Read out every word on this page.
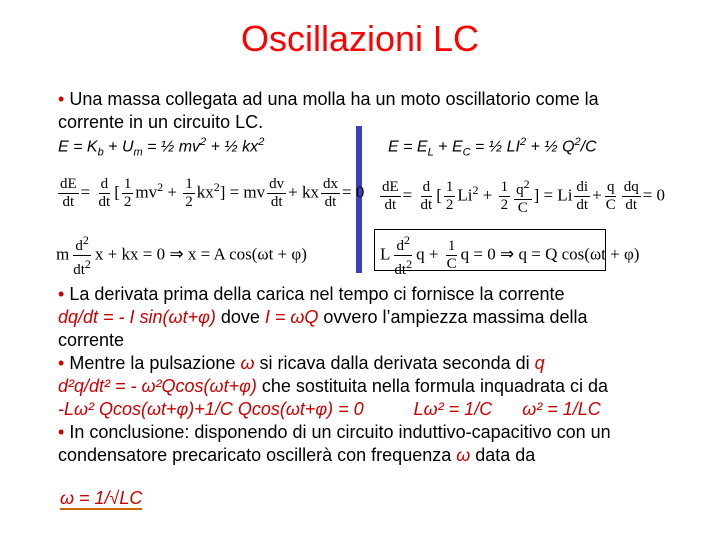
Oscillazioni LC
• Una massa collegata ad una molla ha un moto oscillatorio come la
corrente in un circuito LC.
$E = K_b + U_m$ = ½ $mv^2$ + ½ $kx^2$	$E = E_L + E_C$ = ½ $LI^2$ + ½ $Q^2/C$
$\frac{dE}{dt} = \frac{d}{dt}$ [ $\frac{1}{2} mv^2 + \frac{1}{2} kx^2$] = mv $\frac{dv}{dt}$ + kx $\frac{dx}{dt} = 0$
m $\frac{d^2}{dt^2}$ x + kx = 0 ⇒ x = A cos(ωt + φ)
$\frac{dE}{dt} = \frac{d}{dt}$ [ $\frac{1}{2} Li^2 + \frac{1}{2} \frac{q^2}{C}$ ] = Li $\frac{di}{dt} + \frac{q}{C} \frac{dq}{dt} = 0$
L $\frac{d^2}{dt^2}$ $q + \frac{1}{C}$ q = 0 ⇒ q = Q cos(ωt + φ)
• La derivata prima della carica nel tempo ci fornisce la corrente
dq/dt = - I sin(ωt+φ) dove I = ωQ ovvero l’ampiezza massima della
corrente
• Mentre la pulsazione ω si ricava dalla derivata seconda di q
d²q/dt² = - ω²Qcos(ωt+φ) che sostituita nella formula inquadrata ci da
-Lω² Qcos(ωt+φ)+1/C Qcos(ωt+φ) = 0	Lω² = 1/C ω² = 1/LC
• In conclusione: disponendo di un circuito induttivo-capacitivo con un
condensatore precaricato oscillerà con frequenza ω data da
ω = 1/√LC
